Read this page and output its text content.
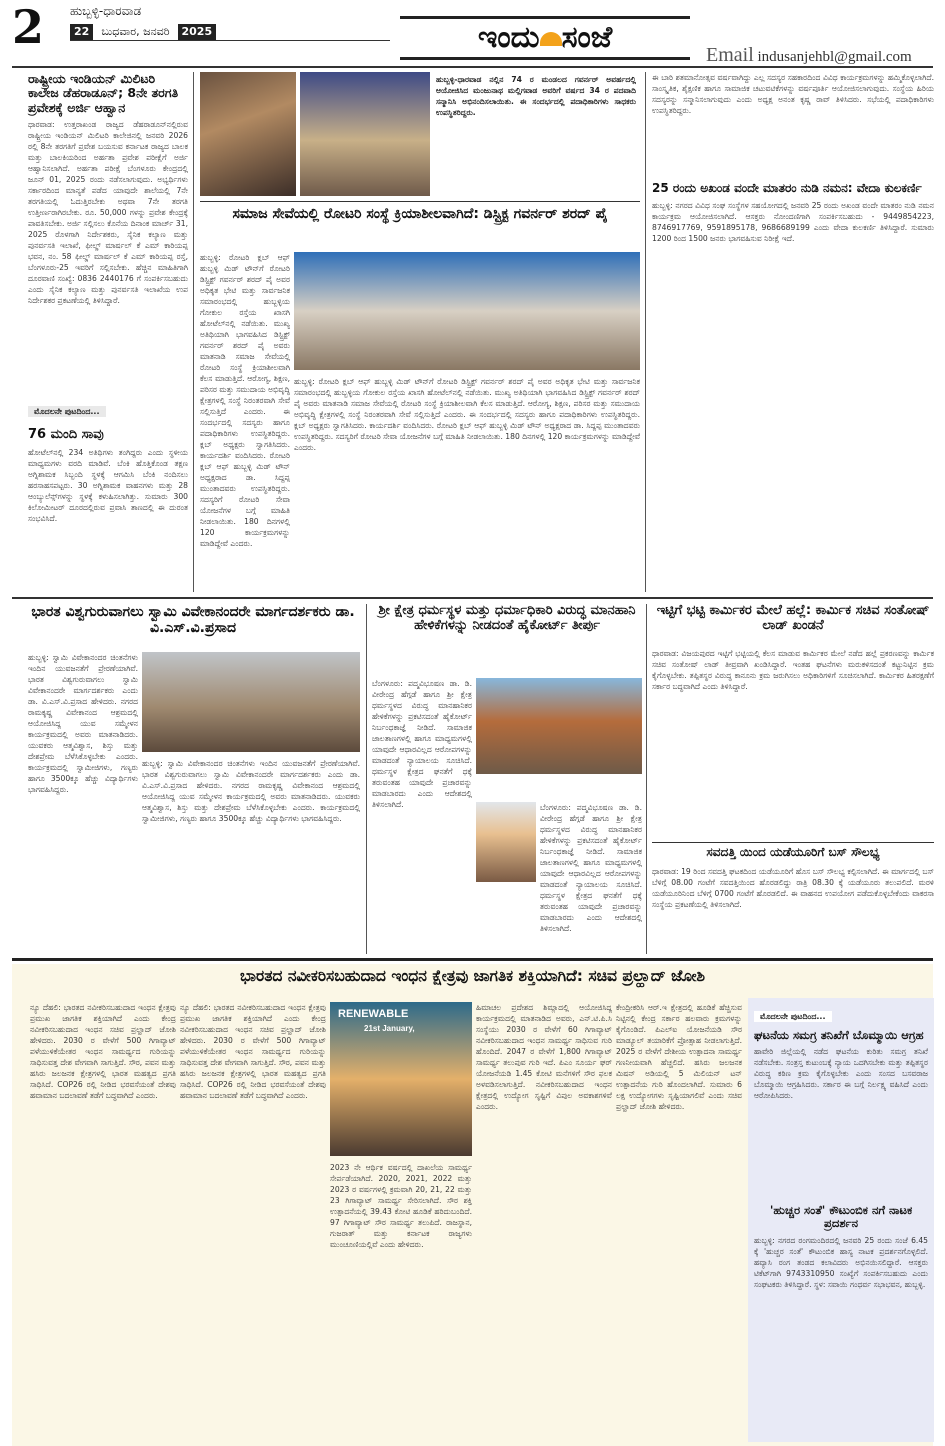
2 ಹುಬ್ಬಳ್ಳಿ-ಧಾರವಾಡ
22	ಬುಧವಾರ, ಜನವರಿ	2025	ಇಂದು ಸಂಜೆ	Email indusanjehbl@gmail.com
ರಾಷ್ಟ್ರೀಯ ಇಂಡಿಯನ್ ಮಿಲಿಟರಿ ಕಾಲೇಜ ಡೆಹರಾಡೂನ್; 8ನೇ ತರಗತಿ ಪ್ರವೇಶಕ್ಕೆ ಅರ್ಜಿ ಆಹ್ವಾನ
ಧಾರವಾಡ: ಉತ್ತರಾಖಂಡ ರಾಜ್ಯದ ಡೆಹರಾಡೂನ್‌ನಲ್ಲಿರುವ ರಾಷ್ಟ್ರೀಯ ಇಂಡಿಯನ್ ಮಿಲಿಟರಿ ಕಾಲೇಜಿನಲ್ಲಿ ಜನವರಿ 2026 ರಲ್ಲಿ 8ನೇ ತರಗತಿಗೆ ಪ್ರವೇಶ ಬಯಸುವ ಕರ್ನಾಟಕ ರಾಜ್ಯದ ಬಾಲಕ ಮತ್ತು ಬಾಲಕಿಯರಿಂದ ಅರ್ಹತಾ ಪ್ರವೇಶ ಪರೀಕ್ಷೆಗೆ ಅರ್ಜಿ ಆಹ್ವಾನಿಸಲಾಗಿದೆ. ಅರ್ಹತಾ ಪರೀಕ್ಷೆ ಬೆಂಗಳೂರು ಕೇಂದ್ರದಲ್ಲಿ ಜೂನ್ 01, 2025 ರಂದು ನಡೆಸಲಾಗುವುದು. ಅಭ್ಯರ್ಥಿಗಳು ಸರ್ಕಾರದಿಂದ ಮಾನ್ಯತೆ ಪಡೆದ ಯಾವುದೇ ಶಾಲೆಯಲ್ಲಿ 7ನೇ ತರಗತಿಯಲ್ಲಿ ಓದುತ್ತಿರಬೇಕು ಅಥವಾ 7ನೇ ತರಗತಿ ಉತ್ತೀರ್ಣರಾಗಿರಬೇಕು. ರೂ. 50,000 ಗಳನ್ನು ಪ್ರವೇಶ ಕೇಂದ್ರಕ್ಕೆ ಪಾವತಿಸಬೇಕು. ಅರ್ಜಿ ಸಲ್ಲಿಸಲು ಕೊನೆಯ ದಿನಾಂಕ ಮಾರ್ಚ್ 31, 2025 ರೊಳಗಾಗಿ ನಿರ್ದೇಶಕರು, ಸೈನಿಕ ಕಲ್ಯಾಣ ಮತ್ತು ಪುನರ್ವಸತಿ ಇಲಾಖೆ, ಫೀಲ್ಡ್ ಮಾರ್ಷಲ್ ಕೆ ಎಮ್ ಕಾರಿಯಪ್ಪ ಭವನ, ನಂ. 58 ಫೀಲ್ಡ್ ಮಾರ್ಷಲ್ ಕೆ ಎಮ್ ಕಾರಿಯಪ್ಪ ರಸ್ತೆ, ಬೆಂಗಳೂರು-25 ಇವರಿಗೆ ಸಲ್ಲಿಸಬೇಕು. ಹೆಚ್ಚಿನ ಮಾಹಿತಿಗಾಗಿ ದೂರವಾಣಿ ಸಂಖ್ಯೆ: 0836 2440176 ಗೆ ಸಂಪರ್ಕಿಸಬಹುದು ಎಂದು ಸೈನಿಕ ಕಲ್ಯಾಣ ಮತ್ತು ಪುನರ್ವಸತಿ ಇಲಾಖೆಯ ಉಪ ನಿರ್ದೇಶಕರ ಪ್ರಕಟಣೆಯಲ್ಲಿ ತಿಳಿಸಿದ್ದಾರೆ.
ಮೊದಲನೇ ಪುಟದಿಂದ...
76 ಮಂದಿ ಸಾವು
ಹೋಟೆಲ್‌ನಲ್ಲಿ 234 ಅತಿಥಿಗಳು ತಂಗಿದ್ದರು ಎಂದು ಸ್ಥಳೀಯ ಮಾಧ್ಯಮಗಳು ವರದಿ ಮಾಡಿವೆ. ಬೆಂಕಿ ಹೊತ್ತಿಕೊಂಡ ತಕ್ಷಣ ಅಗ್ನಿಶಾಮಕ ಸಿಬ್ಬಂದಿ ಸ್ಥಳಕ್ಕೆ ಆಗಮಿಸಿ ಬೆಂಕಿ ನಂದಿಸಲು ಹರಸಾಹಸಪಟ್ಟರು. 30 ಅಗ್ನಿಶಾಮಕ ವಾಹನಗಳು ಮತ್ತು 28 ಆಂಬ್ಯುಲೆನ್ಸ್‌ಗಳನ್ನು ಸ್ಥಳಕ್ಕೆ ಕಳುಹಿಸಲಾಗಿತ್ತು. ಸುಮಾರು 300 ಕಿಲೋಮೀಟರ್ ದೂರದಲ್ಲಿರುವ ಪ್ರವಾಸಿ ತಾಣದಲ್ಲಿ ಈ ದುರಂತ ಸಂಭವಿಸಿದೆ.
ಹುಬ್ಬಳ್ಳಿ-ಧಾರವಾಡ ನಲ್ಲಿನ 74 ರ ಮಂಡಲದ ಗವರ್ನರ್ ಅವರ್ಹದಲ್ಲಿ ಆಯೋಜಿಸಿದ ಮಂಜುನಾಥ ಮಲ್ಲಿಗವಾಡ ಅವರಿಗೆ ವರ್ಷದ 34 ರ ಪದವಾದಿ ಸನ್ಮಾನಿಸಿ ಅಭಿನಂದಿಸಲಾಯಿತು. ಈ ಸಂದರ್ಭದಲ್ಲಿ ಪದಾಧಿಕಾರಿಗಳು ಸಾಧಕರು ಉಪಸ್ಥಿತರಿದ್ದರು.
ಸಮಾಜ ಸೇವೆಯಲ್ಲಿ ರೋಟರಿ ಸಂಸ್ಥೆ ಕ್ರಿಯಾಶೀಲವಾಗಿದೆ: ಡಿಸ್ಟ್ರಿಕ್ಟ ಗವರ್ನರ್ ಶರದ್ ಪೈ
ಹುಬ್ಬಳ್ಳಿ: ರೋಟರಿ ಕ್ಲಬ್ ಆಫ್ ಹುಬ್ಬಳ್ಳಿ ಮಿಡ್ ಟೌನ್‌ಗೆ ರೋಟರಿ ಡಿಸ್ಟ್ರಿಕ್ಟ್ ಗವರ್ನರ್ ಶರದ್ ಪೈ ಅವರ ಅಧಿಕೃತ ಭೇಟಿ ಮತ್ತು ಸಾರ್ವಜನಿಕ ಸಮಾರಂಭದಲ್ಲಿ ಹುಬ್ಬಳ್ಳಿಯ ಗೋಕುಲ ರಸ್ತೆಯ ಖಾಸಗಿ ಹೋಟೆಲ್‌ನಲ್ಲಿ ನಡೆಯಿತು. ಮುಖ್ಯ ಅತಿಥಿಯಾಗಿ ಭಾಗವಹಿಸಿದ ಡಿಸ್ಟ್ರಿಕ್ಟ್ ಗವರ್ನರ್ ಶರದ್ ಪೈ ಅವರು ಮಾತನಾಡಿ ಸಮಾಜ ಸೇವೆಯಲ್ಲಿ ರೋಟರಿ ಸಂಸ್ಥೆ ಕ್ರಿಯಾಶೀಲವಾಗಿ ಕೆಲಸ ಮಾಡುತ್ತಿದೆ. ಆರೋಗ್ಯ, ಶಿಕ್ಷಣ, ಪರಿಸರ ಮತ್ತು ಸಮುದಾಯ ಅಭಿವೃದ್ಧಿ ಕ್ಷೇತ್ರಗಳಲ್ಲಿ ಸಂಸ್ಥೆ ನಿರಂತರವಾಗಿ ಸೇವೆ ಸಲ್ಲಿಸುತ್ತಿದೆ ಎಂದರು. ಈ ಸಂದರ್ಭದಲ್ಲಿ ಸದಸ್ಯರು ಹಾಗೂ ಪದಾಧಿಕಾರಿಗಳು ಉಪಸ್ಥಿತರಿದ್ದರು. ಕ್ಲಬ್ ಅಧ್ಯಕ್ಷರು ಸ್ವಾಗತಿಸಿದರು. ಕಾರ್ಯದರ್ಶಿ ವಂದಿಸಿದರು. ರೋಟರಿ ಕ್ಲಬ್ ಆಫ್ ಹುಬ್ಬಳ್ಳಿ ಮಿಡ್ ಟೌನ್ ಅಧ್ಯಕ್ಷರಾದ ಡಾ. ಸಿದ್ದಪ್ಪ ಮುಂತಾದವರು ಉಪಸ್ಥಿತರಿದ್ದರು. ಸದಸ್ಯರಿಗೆ ರೋಟರಿ ಸೇವಾ ಯೋಜನೆಗಳ ಬಗ್ಗೆ ಮಾಹಿತಿ ನೀಡಲಾಯಿತು. 180 ದಿನಗಳಲ್ಲಿ 120 ಕಾರ್ಯಕ್ರಮಗಳನ್ನು ಮಾಡಿದ್ದೇವೆ ಎಂದರು.
ಹುಬ್ಬಳ್ಳಿ: ರೋಟರಿ ಕ್ಲಬ್ ಆಫ್ ಹುಬ್ಬಳ್ಳಿ ಮಿಡ್ ಟೌನ್‌ಗೆ ರೋಟರಿ ಡಿಸ್ಟ್ರಿಕ್ಟ್ ಗವರ್ನರ್ ಶರದ್ ಪೈ ಅವರ ಅಧಿಕೃತ ಭೇಟಿ ಮತ್ತು ಸಾರ್ವಜನಿಕ ಸಮಾರಂಭದಲ್ಲಿ ಹುಬ್ಬಳ್ಳಿಯ ಗೋಕುಲ ರಸ್ತೆಯ ಖಾಸಗಿ ಹೋಟೆಲ್‌ನಲ್ಲಿ ನಡೆಯಿತು. ಮುಖ್ಯ ಅತಿಥಿಯಾಗಿ ಭಾಗವಹಿಸಿದ ಡಿಸ್ಟ್ರಿಕ್ಟ್ ಗವರ್ನರ್ ಶರದ್ ಪೈ ಅವರು ಮಾತನಾಡಿ ಸಮಾಜ ಸೇವೆಯಲ್ಲಿ ರೋಟರಿ ಸಂಸ್ಥೆ ಕ್ರಿಯಾಶೀಲವಾಗಿ ಕೆಲಸ ಮಾಡುತ್ತಿದೆ. ಆರೋಗ್ಯ, ಶಿಕ್ಷಣ, ಪರಿಸರ ಮತ್ತು ಸಮುದಾಯ ಅಭಿವೃದ್ಧಿ ಕ್ಷೇತ್ರಗಳಲ್ಲಿ ಸಂಸ್ಥೆ ನಿರಂತರವಾಗಿ ಸೇವೆ ಸಲ್ಲಿಸುತ್ತಿದೆ ಎಂದರು. ಈ ಸಂದರ್ಭದಲ್ಲಿ ಸದಸ್ಯರು ಹಾಗೂ ಪದಾಧಿಕಾರಿಗಳು ಉಪಸ್ಥಿತರಿದ್ದರು. ಕ್ಲಬ್ ಅಧ್ಯಕ್ಷರು ಸ್ವಾಗತಿಸಿದರು. ಕಾರ್ಯದರ್ಶಿ ವಂದಿಸಿದರು. ರೋಟರಿ ಕ್ಲಬ್ ಆಫ್ ಹುಬ್ಬಳ್ಳಿ ಮಿಡ್ ಟೌನ್ ಅಧ್ಯಕ್ಷರಾದ ಡಾ. ಸಿದ್ದಪ್ಪ ಮುಂತಾದವರು ಉಪಸ್ಥಿತರಿದ್ದರು. ಸದಸ್ಯರಿಗೆ ರೋಟರಿ ಸೇವಾ ಯೋಜನೆಗಳ ಬಗ್ಗೆ ಮಾಹಿತಿ ನೀಡಲಾಯಿತು. 180 ದಿನಗಳಲ್ಲಿ 120 ಕಾರ್ಯಕ್ರಮಗಳನ್ನು ಮಾಡಿದ್ದೇವೆ ಎಂದರು.
ಈ ಬಾರಿ ಶತಮಾನೋತ್ಸವ ವರ್ಷವಾಗಿದ್ದು ಎಲ್ಲ ಸದಸ್ಯರ ಸಹಕಾರದಿಂದ ವಿವಿಧ ಕಾರ್ಯಕ್ರಮಗಳನ್ನು ಹಮ್ಮಿಕೊಳ್ಳಲಾಗಿದೆ. ಸಾಂಸ್ಕೃತಿಕ, ಶೈಕ್ಷಣಿಕ ಹಾಗೂ ಸಾಮಾಜಿಕ ಚಟುವಟಿಕೆಗಳನ್ನು ವರ್ಷಪೂರ್ತಿ ಆಯೋಜಿಸಲಾಗುವುದು. ಸಂಸ್ಥೆಯ ಹಿರಿಯ ಸದಸ್ಯರನ್ನು ಸನ್ಮಾನಿಸಲಾಗುವುದು ಎಂದು ಅಧ್ಯಕ್ಷ ಅನಂತ ಕೃಷ್ಣ ರಾವ್ ತಿಳಿಸಿದರು. ಸಭೆಯಲ್ಲಿ ಪದಾಧಿಕಾರಿಗಳು ಉಪಸ್ಥಿತರಿದ್ದರು.
25 ರಂದು ಅಖಂಡ ವಂದೇ ಮಾತರಂ ನುಡಿ ನಮನ: ವೇದಾ ಕುಲಕರ್ಣಿ
ಹುಬ್ಬಳ್ಳಿ: ನಗರದ ವಿವಿಧ ಸಂಘ ಸಂಸ್ಥೆಗಳ ಸಹಯೋಗದಲ್ಲಿ ಜನವರಿ 25 ರಂದು ಅಖಂಡ ವಂದೇ ಮಾತರಂ ನುಡಿ ನಮನ ಕಾರ್ಯಕ್ರಮ ಆಯೋಜಿಸಲಾಗಿದೆ. ಆಸಕ್ತರು ನೋಂದಣಿಗಾಗಿ ಸಂಪರ್ಕಿಸಬಹುದು - 9449854223, 8746917769, 9591895178, 9686689199 ಎಂದು ವೇದಾ ಕುಲಕರ್ಣಿ ತಿಳಿಸಿದ್ದಾರೆ. ಸುಮಾರು 1200 ರಿಂದ 1500 ಜನರು ಭಾಗವಹಿಸುವ ನಿರೀಕ್ಷೆ ಇದೆ.
ಭಾರತ ವಿಶ್ವಗುರುವಾಗಲು ಸ್ವಾಮಿ ವಿವೇಕಾನಂದರೇ ಮಾರ್ಗದರ್ಶಕರು ಡಾ. ವಿ.ಎಸ್.ವಿ.ಪ್ರಸಾದ
ಹುಬ್ಬಳ್ಳಿ: ಸ್ವಾಮಿ ವಿವೇಕಾನಂದರ ಚಿಂತನೆಗಳು ಇಂದಿನ ಯುವಜನತೆಗೆ ಪ್ರೇರಣೆಯಾಗಿವೆ. ಭಾರತ ವಿಶ್ವಗುರುವಾಗಲು ಸ್ವಾಮಿ ವಿವೇಕಾನಂದರೇ ಮಾರ್ಗದರ್ಶಕರು ಎಂದು ಡಾ. ವಿ.ಎಸ್.ವಿ.ಪ್ರಸಾದ ಹೇಳಿದರು. ನಗರದ ರಾಮಕೃಷ್ಣ ವಿವೇಕಾನಂದ ಆಶ್ರಮದಲ್ಲಿ ಆಯೋಜಿಸಿದ್ದ ಯುವ ಸಮ್ಮೇಳನ ಕಾರ್ಯಕ್ರಮದಲ್ಲಿ ಅವರು ಮಾತನಾಡಿದರು. ಯುವಕರು ಆತ್ಮವಿಶ್ವಾಸ, ಶಿಸ್ತು ಮತ್ತು ದೇಶಪ್ರೇಮ ಬೆಳೆಸಿಕೊಳ್ಳಬೇಕು ಎಂದರು. ಕಾರ್ಯಕ್ರಮದಲ್ಲಿ ಸ್ವಾಮೀಜಿಗಳು, ಗಣ್ಯರು ಹಾಗೂ 3500ಕ್ಕೂ ಹೆಚ್ಚು ವಿದ್ಯಾರ್ಥಿಗಳು ಭಾಗವಹಿಸಿದ್ದರು.
ಹುಬ್ಬಳ್ಳಿ: ಸ್ವಾಮಿ ವಿವೇಕಾನಂದರ ಚಿಂತನೆಗಳು ಇಂದಿನ ಯುವಜನತೆಗೆ ಪ್ರೇರಣೆಯಾಗಿವೆ. ಭಾರತ ವಿಶ್ವಗುರುವಾಗಲು ಸ್ವಾಮಿ ವಿವೇಕಾನಂದರೇ ಮಾರ್ಗದರ್ಶಕರು ಎಂದು ಡಾ. ವಿ.ಎಸ್.ವಿ.ಪ್ರಸಾದ ಹೇಳಿದರು. ನಗರದ ರಾಮಕೃಷ್ಣ ವಿವೇಕಾನಂದ ಆಶ್ರಮದಲ್ಲಿ ಆಯೋಜಿಸಿದ್ದ ಯುವ ಸಮ್ಮೇಳನ ಕಾರ್ಯಕ್ರಮದಲ್ಲಿ ಅವರು ಮಾತನಾಡಿದರು. ಯುವಕರು ಆತ್ಮವಿಶ್ವಾಸ, ಶಿಸ್ತು ಮತ್ತು ದೇಶಪ್ರೇಮ ಬೆಳೆಸಿಕೊಳ್ಳಬೇಕು ಎಂದರು. ಕಾರ್ಯಕ್ರಮದಲ್ಲಿ ಸ್ವಾಮೀಜಿಗಳು, ಗಣ್ಯರು ಹಾಗೂ 3500ಕ್ಕೂ ಹೆಚ್ಚು ವಿದ್ಯಾರ್ಥಿಗಳು ಭಾಗವಹಿಸಿದ್ದರು.
ಶ್ರೀ ಕ್ಷೇತ್ರ ಧರ್ಮಸ್ಥಳ ಮತ್ತು ಧರ್ಮಾಧಿಕಾರಿ ವಿರುದ್ಧ ಮಾನಹಾನಿ ಹೇಳಿಕೆಗಳನ್ನು ನೀಡದಂತೆ ಹೈಕೋರ್ಟ್ ತೀರ್ಪು
ಬೆಂಗಳೂರು: ಪದ್ಮವಿಭೂಷಣ ಡಾ. ಡಿ. ವೀರೇಂದ್ರ ಹೆಗ್ಗಡೆ ಹಾಗೂ ಶ್ರೀ ಕ್ಷೇತ್ರ ಧರ್ಮಸ್ಥಳದ ವಿರುದ್ಧ ಮಾನಹಾನಿಕರ ಹೇಳಿಕೆಗಳನ್ನು ಪ್ರಕಟಿಸದಂತೆ ಹೈಕೋರ್ಟ್ ನಿರ್ಬಂಧಕಾಜ್ಞೆ ನೀಡಿದೆ. ಸಾಮಾಜಿಕ ಜಾಲತಾಣಗಳಲ್ಲಿ ಹಾಗೂ ಮಾಧ್ಯಮಗಳಲ್ಲಿ ಯಾವುದೇ ಆಧಾರವಿಲ್ಲದ ಆರೋಪಗಳನ್ನು ಮಾಡದಂತೆ ನ್ಯಾಯಾಲಯ ಸೂಚಿಸಿದೆ. ಧರ್ಮಸ್ಥಳ ಕ್ಷೇತ್ರದ ಘನತೆಗೆ ಧಕ್ಕೆ ತರುವಂತಹ ಯಾವುದೇ ಪ್ರಚಾರವನ್ನು ಮಾಡಬಾರದು ಎಂದು ಆದೇಶದಲ್ಲಿ ತಿಳಿಸಲಾಗಿದೆ.	ಬೆಂಗಳೂರು: ಪದ್ಮವಿಭೂಷಣ ಡಾ. ಡಿ. ವೀರೇಂದ್ರ ಹೆಗ್ಗಡೆ ಹಾಗೂ ಶ್ರೀ ಕ್ಷೇತ್ರ ಧರ್ಮಸ್ಥಳದ ವಿರುದ್ಧ ಮಾನಹಾನಿಕರ ಹೇಳಿಕೆಗಳನ್ನು ಪ್ರಕಟಿಸದಂತೆ ಹೈಕೋರ್ಟ್ ನಿರ್ಬಂಧಕಾಜ್ಞೆ ನೀಡಿದೆ. ಸಾಮಾಜಿಕ ಜಾಲತಾಣಗಳಲ್ಲಿ ಹಾಗೂ ಮಾಧ್ಯಮಗಳಲ್ಲಿ ಯಾವುದೇ ಆಧಾರವಿಲ್ಲದ ಆರೋಪಗಳನ್ನು ಮಾಡದಂತೆ ನ್ಯಾಯಾಲಯ ಸೂಚಿಸಿದೆ. ಧರ್ಮಸ್ಥಳ ಕ್ಷೇತ್ರದ ಘನತೆಗೆ ಧಕ್ಕೆ ತರುವಂತಹ ಯಾವುದೇ ಪ್ರಚಾರವನ್ನು ಮಾಡಬಾರದು ಎಂದು ಆದೇಶದಲ್ಲಿ ತಿಳಿಸಲಾಗಿದೆ.
ಇಟ್ಟಿಗೆ ಭಟ್ಟಿ ಕಾರ್ಮಿಕರ ಮೇಲೆ ಹಲ್ಲೆ: ಕಾರ್ಮಿಕ ಸಚಿವ ಸಂತೋಷ್ ಲಾಡ್ ಖಂಡನೆ
ಧಾರವಾಡ: ವಿಜಯಪುರದ ಇಟ್ಟಿಗೆ ಭಟ್ಟಿಯಲ್ಲಿ ಕೆಲಸ ಮಾಡುವ ಕಾರ್ಮಿಕರ ಮೇಲೆ ನಡೆದ ಹಲ್ಲೆ ಪ್ರಕರಣವನ್ನು ಕಾರ್ಮಿಕ ಸಚಿವ ಸಂತೋಷ್ ಲಾಡ್ ತೀವ್ರವಾಗಿ ಖಂಡಿಸಿದ್ದಾರೆ. ಇಂತಹ ಘಟನೆಗಳು ಮರುಕಳಿಸದಂತೆ ಕಟ್ಟುನಿಟ್ಟಿನ ಕ್ರಮ ಕೈಗೊಳ್ಳಬೇಕು. ತಪ್ಪಿತಸ್ಥರ ವಿರುದ್ಧ ಕಾನೂನು ಕ್ರಮ ಜರುಗಿಸಲು ಅಧಿಕಾರಿಗಳಿಗೆ ಸೂಚಿಸಲಾಗಿದೆ. ಕಾರ್ಮಿಕರ ಹಿತರಕ್ಷಣೆಗೆ ಸರ್ಕಾರ ಬದ್ಧವಾಗಿದೆ ಎಂದು ತಿಳಿಸಿದ್ದಾರೆ.
ಸವದತ್ತಿ ಯಿಂದ ಯಡೆಯೂರಿಗೆ ಬಸ್ ಸೌಲಭ್ಯ
ಧಾರವಾಡ: 19 ರಿಂದ ಸವದತ್ತಿ ಘಟಕದಿಂದ ಯಡೆಯೂರಿಗೆ ಹೊಸ ಬಸ್ ಸೌಲಭ್ಯ ಕಲ್ಪಿಸಲಾಗಿದೆ. ಈ ಮಾರ್ಗದಲ್ಲಿ ಬಸ್ ಬೆಳಿಗ್ಗೆ 08.00 ಗಂಟೆಗೆ ಸವದತ್ತಿಯಿಂದ ಹೊರಡಲಿದ್ದು ರಾತ್ರಿ 08.30 ಕ್ಕೆ ಯಡೆಯೂರು ತಲುಪಲಿದೆ. ಮರಳಿ ಯಡೆಯೂರಿನಿಂದ ಬೆಳಿಗ್ಗೆ 0700 ಗಂಟೆಗೆ ಹೊರಡಲಿದೆ. ಈ ವಾಹನದ ಉಪಯೋಗ ಪಡೆದುಕೊಳ್ಳಬೇಕೆಂದು ವಾಕರಸಾ ಸಂಸ್ಥೆಯ ಪ್ರಕಟಣೆಯಲ್ಲಿ ತಿಳಿಸಲಾಗಿದೆ.
ಭಾರತದ ನವೀಕರಿಸಬಹುದಾದ ಇಂಧನ ಕ್ಷೇತ್ರವು ಜಾಗತಿಕ ಶಕ್ತಿಯಾಗಿದೆ: ಸಚಿವ ಪ್ರಲ್ಹಾದ್ ಜೋಶಿ
ನ್ಯೂ ದೆಹಲಿ: ಭಾರತದ ನವೀಕರಿಸಬಹುದಾದ ಇಂಧನ ಕ್ಷೇತ್ರವು ಪ್ರಮುಖ ಜಾಗತಿಕ ಶಕ್ತಿಯಾಗಿದೆ ಎಂದು ಕೇಂದ್ರ ನವೀಕರಿಸಬಹುದಾದ ಇಂಧನ ಸಚಿವ ಪ್ರಲ್ಹಾದ್ ಜೋಶಿ ಹೇಳಿದರು. 2030 ರ ವೇಳೆಗೆ 500 ಗಿಗಾವ್ಯಾಟ್ ಪಳೆಯುಳಿಕೆಯೇತರ ಇಂಧನ ಸಾಮರ್ಥ್ಯದ ಗುರಿಯನ್ನು ಸಾಧಿಸುವತ್ತ ದೇಶ ವೇಗವಾಗಿ ಸಾಗುತ್ತಿದೆ. ಸೌರ, ಪವನ ಮತ್ತು ಹಸಿರು ಜಲಜನಕ ಕ್ಷೇತ್ರಗಳಲ್ಲಿ ಭಾರತ ಮಹತ್ವದ ಪ್ರಗತಿ ಸಾಧಿಸಿದೆ. COP26 ರಲ್ಲಿ ನೀಡಿದ ಭರವಸೆಯಂತೆ ದೇಶವು ಹವಾಮಾನ ಬದಲಾವಣೆ ತಡೆಗೆ ಬದ್ಧವಾಗಿದೆ ಎಂದರು.
ನ್ಯೂ ದೆಹಲಿ: ಭಾರತದ ನವೀಕರಿಸಬಹುದಾದ ಇಂಧನ ಕ್ಷೇತ್ರವು ಪ್ರಮುಖ ಜಾಗತಿಕ ಶಕ್ತಿಯಾಗಿದೆ ಎಂದು ಕೇಂದ್ರ ನವೀಕರಿಸಬಹುದಾದ ಇಂಧನ ಸಚಿವ ಪ್ರಲ್ಹಾದ್ ಜೋಶಿ ಹೇಳಿದರು. 2030 ರ ವೇಳೆಗೆ 500 ಗಿಗಾವ್ಯಾಟ್ ಪಳೆಯುಳಿಕೆಯೇತರ ಇಂಧನ ಸಾಮರ್ಥ್ಯದ ಗುರಿಯನ್ನು ಸಾಧಿಸುವತ್ತ ದೇಶ ವೇಗವಾಗಿ ಸಾಗುತ್ತಿದೆ. ಸೌರ, ಪವನ ಮತ್ತು ಹಸಿರು ಜಲಜನಕ ಕ್ಷೇತ್ರಗಳಲ್ಲಿ ಭಾರತ ಮಹತ್ವದ ಪ್ರಗತಿ ಸಾಧಿಸಿದೆ. COP26 ರಲ್ಲಿ ನೀಡಿದ ಭರವಸೆಯಂತೆ ದೇಶವು ಹವಾಮಾನ ಬದಲಾವಣೆ ತಡೆಗೆ ಬದ್ಧವಾಗಿದೆ ಎಂದರು.
RENEWABLE
21st January,
2023 ನೇ ಆರ್ಥಿಕ ವರ್ಷದಲ್ಲಿ ದಾಖಲೆಯ ಸಾಮರ್ಥ್ಯ ಸೇರ್ಪಡೆಯಾಗಿದೆ. 2020, 2021, 2022 ಮತ್ತು 2023 ರ ವರ್ಷಗಳಲ್ಲಿ ಕ್ರಮವಾಗಿ 20, 21, 22 ಮತ್ತು 23 ಗಿಗಾವ್ಯಾಟ್ ಸಾಮರ್ಥ್ಯ ಸೇರಿಸಲಾಗಿದೆ. ಸೌರ ಶಕ್ತಿ ಉತ್ಪಾದನೆಯಲ್ಲಿ 39.43 ಕೋಟಿ ಹೂಡಿಕೆ ಹರಿದುಬಂದಿದೆ. 97 ಗಿಗಾವ್ಯಾಟ್ ಸೌರ ಸಾಮರ್ಥ್ಯ ತಲುಪಿದೆ. ರಾಜಸ್ಥಾನ, ಗುಜರಾತ್ ಮತ್ತು ಕರ್ನಾಟಕ ರಾಜ್ಯಗಳು ಮುಂಚೂಣಿಯಲ್ಲಿವೆ ಎಂದು ಹೇಳಿದರು.
ಹಿಮಾಚಲ ಪ್ರದೇಶದ ಶಿಮ್ಲಾದಲ್ಲಿ ಆಯೋಜಿಸಿದ್ದ ಕಾರ್ಯಕ್ರಮದಲ್ಲಿ ಮಾತನಾಡಿದ ಅವರು, ಎನ್.ಟಿ.ಪಿ.ಸಿ ಸಂಸ್ಥೆಯು 2030 ರ ವೇಳೆಗೆ 60 ಗಿಗಾವ್ಯಾಟ್ ನವೀಕರಿಸಬಹುದಾದ ಇಂಧನ ಸಾಮರ್ಥ್ಯ ಸಾಧಿಸುವ ಗುರಿ ಹೊಂದಿದೆ. 2047 ರ ವೇಳೆಗೆ 1,800 ಗಿಗಾವ್ಯಾಟ್ ಸಾಮರ್ಥ್ಯ ತಲುಪುವ ಗುರಿ ಇದೆ. ಪಿಎಂ ಸೂರ್ಯ ಘರ್ ಯೋಜನೆಯಡಿ 1.45 ಕೋಟಿ ಮನೆಗಳಿಗೆ ಸೌರ ಫಲಕ ಅಳವಡಿಸಲಾಗುತ್ತಿದೆ. ನವೀಕರಿಸಬಹುದಾದ ಇಂಧನ ಕ್ಷೇತ್ರದಲ್ಲಿ ಉದ್ಯೋಗ ಸೃಷ್ಟಿಗೆ ವಿಪುಲ ಅವಕಾಶಗಳಿವೆ ಎಂದರು.
ಕೇಂದ್ರೀಕರಿಸಿ ಆರ್‌.ಇ ಕ್ಷೇತ್ರದಲ್ಲಿ ಹೂಡಿಕೆ ಹೆಚ್ಚಿಸುವ ನಿಟ್ಟಿನಲ್ಲಿ ಕೇಂದ್ರ ಸರ್ಕಾರ ಹಲವಾರು ಕ್ರಮಗಳನ್ನು ಕೈಗೊಂಡಿದೆ. ಪಿಎಲ್ಐ ಯೋಜನೆಯಡಿ ಸೌರ ಮಾಡ್ಯೂಲ್ ತಯಾರಿಕೆಗೆ ಪ್ರೋತ್ಸಾಹ ನೀಡಲಾಗುತ್ತಿದೆ. 2025 ರ ವೇಳೆಗೆ ದೇಶೀಯ ಉತ್ಪಾದನಾ ಸಾಮರ್ಥ್ಯ ಗಣನೀಯವಾಗಿ ಹೆಚ್ಚಲಿದೆ. ಹಸಿರು ಜಲಜನಕ ಮಿಷನ್ ಅಡಿಯಲ್ಲಿ 5 ಮಿಲಿಯನ್ ಟನ್ ಉತ್ಪಾದನೆಯ ಗುರಿ ಹೊಂದಲಾಗಿದೆ. ಸುಮಾರು 6 ಲಕ್ಷ ಉದ್ಯೋಗಗಳು ಸೃಷ್ಟಿಯಾಗಲಿವೆ ಎಂದು ಸಚಿವ ಪ್ರಲ್ಹಾದ್ ಜೋಶಿ ಹೇಳಿದರು.
ಮೊದಲನೇ ಪುಟದಿಂದ...
ಘಟನೆಯ ಸಮಗ್ರ ತನಿಖೆಗೆ ಬೊಮ್ಮಾಯಿ ಆಗ್ರಹ
ಹಾವೇರಿ ಜಿಲ್ಲೆಯಲ್ಲಿ ನಡೆದ ಘಟನೆಯ ಕುರಿತು ಸಮಗ್ರ ತನಿಖೆ ನಡೆಸಬೇಕು. ಸಂತ್ರಸ್ತ ಕುಟುಂಬಕ್ಕೆ ನ್ಯಾಯ ಒದಗಿಸಬೇಕು ಮತ್ತು ತಪ್ಪಿತಸ್ಥರ ವಿರುದ್ಧ ಕಠಿಣ ಕ್ರಮ ಕೈಗೊಳ್ಳಬೇಕು ಎಂದು ಸಂಸದ ಬಸವರಾಜ ಬೊಮ್ಮಾಯಿ ಆಗ್ರಹಿಸಿದರು. ಸರ್ಕಾರ ಈ ಬಗ್ಗೆ ನಿರ್ಲಕ್ಷ್ಯ ವಹಿಸಿದೆ ಎಂದು ಆರೋಪಿಸಿದರು.
'ಹುಚ್ಚರ ಸಂತೆ' ಕೌಟುಂಬಿಕ ನಗೆ ನಾಟಕ ಪ್ರದರ್ಶನ
ಹುಬ್ಬಳ್ಳಿ: ನಗರದ ರಂಗಮಂದಿರದಲ್ಲಿ ಜನವರಿ 25 ರಂದು ಸಂಜೆ 6.45 ಕ್ಕೆ 'ಹುಚ್ಚರ ಸಂತೆ' ಕೌಟುಂಬಿಕ ಹಾಸ್ಯ ನಾಟಕ ಪ್ರದರ್ಶನಗೊಳ್ಳಲಿದೆ. ಹವ್ಯಾಸಿ ರಂಗ ತಂಡದ ಕಲಾವಿದರು ಅಭಿನಯಿಸಲಿದ್ದಾರೆ. ಆಸಕ್ತರು ಟಿಕೆಟ್‌ಗಾಗಿ 9743310950 ಸಂಖ್ಯೆಗೆ ಸಂಪರ್ಕಿಸಬಹುದು ಎಂದು ಸಂಘಟಕರು ತಿಳಿಸಿದ್ದಾರೆ. ಸ್ಥಳ: ಸವಾಯಿ ಗಂಧರ್ವ ಸಭಾಭವನ, ಹುಬ್ಬಳ್ಳಿ.
